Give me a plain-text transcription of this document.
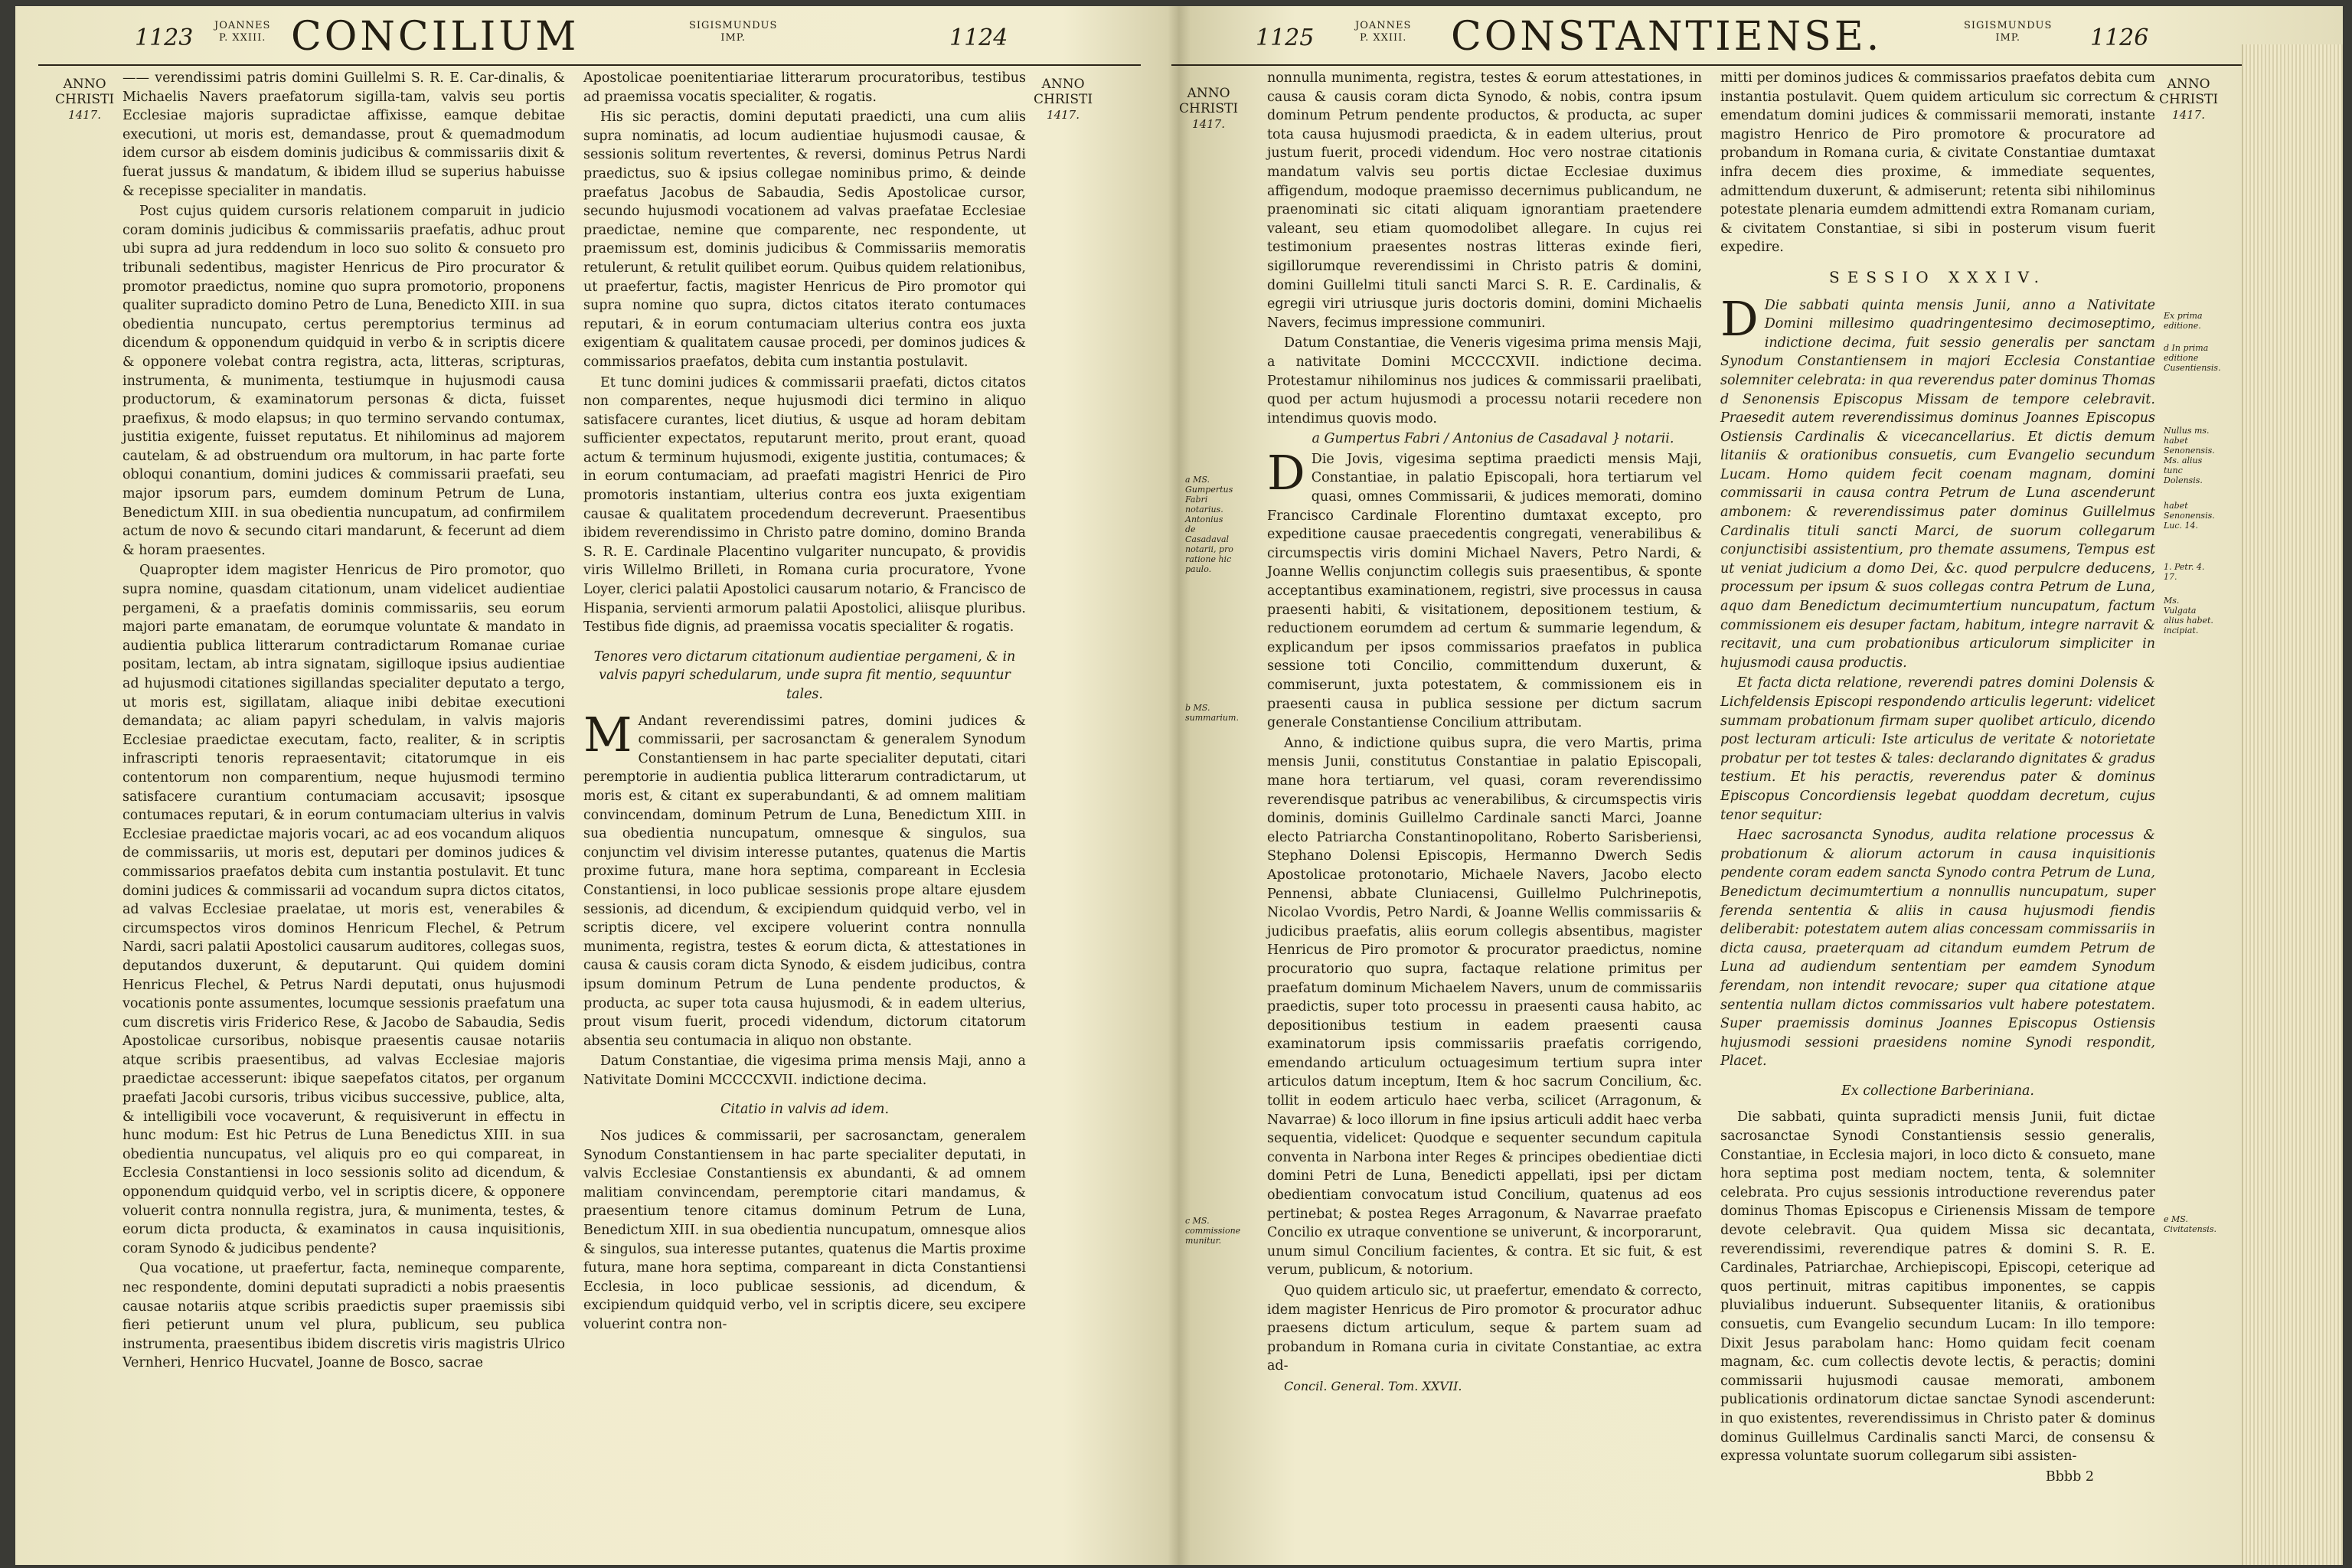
1123 JOANNES
P. XXIII. CONCILIUM	SIGISMUNDUS
IMP.	1124
ANNO
CHRISTI
1417.
ANNO
CHRISTI
1417.

—— verendissimi patris domini Guillelmi S. R. E. Car-dinalis, & Michaelis Navers praefatorum sigilla-tam, valvis seu portis Ecclesiae majoris supradictae affixisse, eamque debitae executioni, ut moris est, demandasse, prout & quemadmodum idem cursor ab eisdem dominis judicibus & commissariis dixit & fuerat jussus & mandatum, & ibidem illud se superius habuisse & recepisse specialiter in mandatis.

Post cujus quidem cursoris relationem comparuit in judicio coram dominis judicibus & commissariis praefatis, adhuc prout ubi supra ad jura reddendum in loco suo solito & consueto pro tribunali sedentibus, magister Henricus de Piro procurator & promotor praedictus, nomine quo supra promotorio, proponens qualiter supradicto domino Petro de Luna, Benedicto XIII. in sua obedientia nuncupato, certus peremptorius terminus ad dicendum & opponendum quidquid in verbo & in scriptis dicere & opponere volebat contra registra, acta, litteras, scripturas, instrumenta, & munimenta, testiumque in hujusmodi causa productorum, & examinatorum personas & dicta, fuisset praefixus, & modo elapsus; in quo termino servando contumax, justitia exigente, fuisset reputatus. Et nihilominus ad majorem cautelam, & ad obstruendum ora multorum, in hac parte forte obloqui conantium, domini judices & commissarii praefati, seu major ipsorum pars, eumdem dominum Petrum de Luna, Benedictum XIII. in sua obedientia nuncupatum, ad confirmilem actum de novo & secundo citari mandarunt, & fecerunt ad diem & horam praesentes.

Quapropter idem magister Henricus de Piro promotor, quo supra nomine, quasdam citationum, unam videlicet audientiae pergameni, & a praefatis dominis commissariis, seu eorum majori parte emanatam, de eorumque voluntate & mandato in audientia publica litterarum contradictarum Romanae curiae positam, lectam, ab intra signatam, sigilloque ipsius audientiae ad hujusmodi citationes sigillandas specialiter deputato a tergo, ut moris est, sigillatam, aliaque inibi debitae executioni demandata; ac aliam papyri schedulam, in valvis majoris Ecclesiae praedictae executam, facto, realiter, & in scriptis infrascripti tenoris repraesentavit; citatorumque in eis contentorum non comparentium, neque hujusmodi termino satisfacere curantium contumaciam accusavit; ipsosque contumaces reputari, & in eorum contumaciam ulterius in valvis Ecclesiae praedictae majoris vocari, ac ad eos vocandum aliquos de commissariis, ut moris est, deputari per dominos judices & commissarios praefatos debita cum instantia postulavit. Et tunc domini judices & commissarii ad vocandum supra dictos citatos, ad valvas Ecclesiae praelatae, ut moris est, venerabiles & circumspectos viros dominos Henricum Flechel, & Petrum Nardi, sacri palatii Apostolici causarum auditores, collegas suos, deputandos duxerunt, & deputarunt. Qui quidem domini Henricus Flechel, & Petrus Nardi deputati, onus hujusmodi vocationis ponte assumentes, locumque sessionis praefatum una cum discretis viris Friderico Rese, & Jacobo de Sabaudia, Sedis Apostolicae cursoribus, nobisque praesentis causae notariis atque scribis praesentibus, ad valvas Ecclesiae majoris praedictae accesserunt: ibique saepefatos citatos, per organum praefati Jacobi cursoris, tribus vicibus successive, publice, alta, & intelligibili voce vocaverunt, & requisiverunt in effectu in hunc modum: Est hic Petrus de Luna Benedictus XIII. in sua obedientia nuncupatus, vel aliquis pro eo qui compareat, in Ecclesia Constantiensi in loco sessionis solito ad dicendum, & opponendum quidquid verbo, vel in scriptis dicere, & opponere voluerit contra nonnulla registra, jura, & munimenta, testes, & eorum dicta producta, & examinatos in causa inquisitionis, coram Synodo & judicibus pendente?

Qua vocatione, ut praefertur, facta, nemineque comparente, nec respondente, domini deputati supradicti a nobis praesentis causae notariis atque scribis praedictis super praemissis sibi fieri petierunt unum vel plura, publicum, seu publica instrumenta, praesentibus ibidem discretis viris magistris Ulrico Vernheri, Henrico Hucvatel, Joanne de Bosco, sacrae

Apostolicae poenitentiariae litterarum procuratoribus, testibus ad praemissa vocatis specialiter, & rogatis.

His sic peractis, domini deputati praedicti, una cum aliis supra nominatis, ad locum audientiae hujusmodi causae, & sessionis solitum revertentes, & reversi, dominus Petrus Nardi praedictus, suo & ipsius collegae nominibus primo, & deinde praefatus Jacobus de Sabaudia, Sedis Apostolicae cursor, secundo hujusmodi vocationem ad valvas praefatae Ecclesiae praedictae, nemine que comparente, nec respondente, ut praemissum est, dominis judicibus & Commissariis memoratis retulerunt, & retulit quilibet eorum. Quibus quidem relationibus, ut praefertur, factis, magister Henricus de Piro promotor qui supra nomine quo supra, dictos citatos iterato contumaces reputari, & in eorum contumaciam ulterius contra eos juxta exigentiam & qualitatem causae procedi, per dominos judices & commissarios praefatos, debita cum instantia postulavit.

Et tunc domini judices & commissarii praefati, dictos citatos non comparentes, neque hujusmodi dici termino in aliquo satisfacere curantes, licet diutius, & usque ad horam debitam sufficienter expectatos, reputarunt merito, prout erant, quoad actum & terminum hujusmodi, exigente justitia, contumaces; & in eorum contumaciam, ad praefati magistri Henrici de Piro promotoris instantiam, ulterius contra eos juxta exigentiam causae & qualitatem procedendum decreverunt. Praesentibus ibidem reverendissimo in Christo patre domino, domino Branda S. R. E. Cardinale Placentino vulgariter nuncupato, & providis viris Willelmo Brilleti, in Romana curia procuratore, Yvone Loyer, clerici palatii Apostolici causarum notario, & Francisco de Hispania, servienti armorum palatii Apostolici, aliisque pluribus. Testibus fide dignis, ad praemissa vocatis specialiter & rogatis.

Tenores vero dictarum citationum audientiae pergameni, & in valvis papyri schedularum, unde supra fit mentio, sequuntur tales.

M Andant reverendissimi patres, domini judices & commissarii, per sacrosanctam & generalem Synodum Constantiensem in hac parte specialiter deputati, citari peremptorie in audientia publica litterarum contradictarum, ut moris est, & citant ex superabundanti, & ad omnem malitiam convincendam, dominum Petrum de Luna, Benedictum XIII. in sua obedientia nuncupatum, omnesque & singulos, sua conjunctim vel divisim interesse putantes, quatenus die Martis proxime futura, mane hora septima, compareant in Ecclesia Constantiensi, in loco publicae sessionis prope altare ejusdem sessionis, ad dicendum, & excipiendum quidquid verbo, vel in scriptis dicere, vel excipere voluerint contra nonnulla munimenta, registra, testes & eorum dicta, & attestationes in causa & causis coram dicta Synodo, & eisdem judicibus, contra ipsum dominum Petrum de Luna pendente productos, & producta, ac super tota causa hujusmodi, & in eadem ulterius, prout visum fuerit, procedi videndum, dictorum citatorum absentia seu contumacia in aliquo non obstante.

Datum Constantiae, die vigesima prima mensis Maji, anno a Nativitate Domini MCCCCXVII. indictione decima.

Citatio in valvis ad idem.

Nos judices & commissarii, per sacrosanctam, generalem Synodum Constantiensem in hac parte specialiter deputati, in valvis Ecclesiae Constantiensis ex abundanti, & ad omnem malitiam convincendam, peremptorie citari mandamus, & praesentium tenore citamus dominum Petrum de Luna, Benedictum XIII. in sua obedientia nuncupatum, omnesque alios & singulos, sua interesse putantes, quatenus die Martis proxime futura, mane hora septima, compareant in dicta Constantiensi Ecclesia, in loco publicae sessionis, ad dicendum, & excipiendum quidquid verbo, vel in scriptis dicere, seu excipere voluerint contra non-

1125	JOANNES
P. XXIII. CONSTANTIENSE.	SIGISMUNDUS
IMP.	1126
ANNO
CHRISTI
1417.
ANNO
CHRISTI
1417.
a MS. Gumpertus Fabri notarius. Antonius de Casadaval notarii, pro ratione hic paulo.
b MS. summarium.
c MS. commissione munitur.
Ex prima editione.
d In prima editione Cusentiensis.
Nullus ms. habet Senonensis. Ms. alius tunc Dolensis.
habet Senonensis. Luc. 14.
1. Petr. 4. 17.
Ms. Vulgata alius habet. incipiat.
e MS. Civitatensis.

nonnulla munimenta, registra, testes & eorum attestationes, in causa & causis coram dicta Synodo, & nobis, contra ipsum dominum Petrum pendente productos, & producta, ac super tota causa hujusmodi praedicta, & in eadem ulterius, prout justum fuerit, procedi videndum. Hoc vero nostrae citationis mandatum valvis seu portis dictae Ecclesiae duximus affigendum, modoque praemisso decernimus publicandum, ne praenominati sic citati aliquam ignorantiam praetendere valeant, seu etiam quomodolibet allegare. In cujus rei testimonium praesentes nostras litteras exinde fieri, sigillorumque reverendissimi in Christo patris & domini, domini Guillelmi tituli sancti Marci S. R. E. Cardinalis, & egregii viri utriusque juris doctoris domini, domini Michaelis Navers, fecimus impressione communiri.

Datum Constantiae, die Veneris vigesima prima mensis Maji, a nativitate Domini MCCCCXVII. indictione decima. Protestamur nihilominus nos judices & commissarii praelibati, quod per actum hujusmodi a processu notarii recedere non intendimus quovis modo.

a Gumpertus Fabri / Antonius de Casadaval } notarii.

D Die Jovis, vigesima septima praedicti mensis Maji, Constantiae, in palatio Episcopali, hora tertiarum vel quasi, omnes Commissarii, & judices memorati, domino Francisco Cardinale Florentino dumtaxat excepto, pro expeditione causae praecedentis congregati, venerabilibus & circumspectis viris domini Michael Navers, Petro Nardi, & Joanne Wellis conjunctim collegis suis praesentibus, & sponte acceptantibus examinationem, registri, sive processus in causa praesenti habiti, & visitationem, depositionem testium, & reductionem eorumdem ad certum & summarie legendum, & explicandum per ipsos commissarios praefatos in publica sessione toti Concilio, committendum duxerunt, & commiserunt, juxta potestatem, & commissionem eis in praesenti causa in publica sessione per dictum sacrum generale Constantiense Concilium attributam.

Anno, & indictione quibus supra, die vero Martis, prima mensis Junii, constitutus Constantiae in palatio Episcopali, mane hora tertiarum, vel quasi, coram reverendissimo reverendisque patribus ac venerabilibus, & circumspectis viris dominis, dominis Guillelmo Cardinale sancti Marci, Joanne electo Patriarcha Constantinopolitano, Roberto Sarisberiensi, Stephano Dolensi Episcopis, Hermanno Dwerch Sedis Apostolicae protonotario, Michaele Navers, Jacobo electo Pennensi, abbate Cluniacensi, Guillelmo Pulchrinepotis, Nicolao Vvordis, Petro Nardi, & Joanne Wellis commissariis & judicibus praefatis, aliis eorum collegis absentibus, magister Henricus de Piro promotor & procurator praedictus, nomine procuratorio quo supra, factaque relatione primitus per praefatum dominum Michaelem Navers, unum de commissariis praedictis, super toto processu in praesenti causa habito, ac depositionibus testium in eadem praesenti causa examinatorum ipsis commissariis praefatis corrigendo, emendando articulum octuagesimum tertium supra inter articulos datum inceptum, Item & hoc sacrum Concilium, &c. tollit in eodem articulo haec verba, scilicet (Arragonum, & Navarrae) & loco illorum in fine ipsius articuli addit haec verba sequentia, videlicet: Quodque e sequenter secundum capitula conventa in Narbona inter Reges & principes obedientiae dicti domini Petri de Luna, Benedicti appellati, ipsi per dictam obedientiam convocatum istud Concilium, quatenus ad eos pertinebat; & postea Reges Arragonum, & Navarrae praefato Concilio ex utraque conventione se univerunt, & incorporarunt, unum simul Concilium facientes, & contra. Et sic fuit, & est verum, publicum, & notorium.

Quo quidem articulo sic, ut praefertur, emendato & correcto, idem magister Henricus de Piro promotor & procurator adhuc praesens dictum articulum, seque & partem suam ad probandum in Romana curia in civitate Constantiae, ac extra ad-

Concil. General. Tom. XXVII.

mitti per dominos judices & commissarios praefatos debita cum instantia postulavit. Quem quidem articulum sic correctum & emendatum domini judices & commissarii memorati, instante magistro Henrico de Piro promotore & procuratore ad probandum in Romana curia, & civitate Constantiae dumtaxat infra decem dies proxime, & immediate sequentes, admittendum duxerunt, & admiserunt; retenta sibi nihilominus potestate plenaria eumdem admittendi extra Romanam curiam, & civitatem Constantiae, si sibi in posterum visum fuerit expedire.

SESSIO XXXIV.

D Die sabbati quinta mensis Junii, anno a Nativitate Domini millesimo quadringentesimo decimoseptimo, indictione decima, fuit sessio generalis per sanctam Synodum Constantiensem in majori Ecclesia Constantiae solemniter celebrata: in qua reverendus pater dominus Thomas d Senonensis Episcopus Missam de tempore celebravit. Praesedit autem reverendissimus dominus Joannes Episcopus Ostiensis Cardinalis & vicecancellarius. Et dictis demum litaniis & orationibus consuetis, cum Evangelio secundum Lucam. Homo quidem fecit coenam magnam, domini commissarii in causa contra Petrum de Luna ascenderunt ambonem: & reverendissimus pater dominus Guillelmus Cardinalis tituli sancti Marci, de suorum collegarum conjunctisibi assistentium, pro themate assumens, Tempus est ut veniat judicium a domo Dei, &c. quod perpulcre deducens, processum per ipsum & suos collegas contra Petrum de Luna, aquo dam Benedictum decimumtertium nuncupatum, factum commissionem eis desuper factam, habitum, integre narravit & recitavit, una cum probationibus articulorum simpliciter in hujusmodi causa productis.

Et facta dicta relatione, reverendi patres domini Dolensis & Lichfeldensis Episcopi respondendo articulis legerunt: videlicet summam probationum firmam super quolibet articulo, dicendo post lecturam articuli: Iste articulus de veritate & notorietate probatur per tot testes & tales: declarando dignitates & gradus testium. Et his peractis, reverendus pater & dominus Episcopus Concordiensis legebat quoddam decretum, cujus tenor sequitur:

Haec sacrosancta Synodus, audita relatione processus & probationum & aliorum actorum in causa inquisitionis pendente coram eadem sancta Synodo contra Petrum de Luna, Benedictum decimumtertium a nonnullis nuncupatum, super ferenda sententia & aliis in causa hujusmodi fiendis deliberabit: potestatem autem alias concessam commissariis in dicta causa, praeterquam ad citandum eumdem Petrum de Luna ad audiendum sententiam per eamdem Synodum ferendam, non intendit revocare; super qua citatione atque sententia nullam dictos commissarios vult habere potestatem. Super praemissis dominus Joannes Episcopus Ostiensis hujusmodi sessioni praesidens nomine Synodi respondit, Placet.

Ex collectione Barberiniana.

Die sabbati, quinta supradicti mensis Junii, fuit dictae sacrosanctae Synodi Constantiensis sessio generalis, Constantiae, in Ecclesia majori, in loco dicto & consueto, mane hora septima post mediam noctem, tenta, & solemniter celebrata. Pro cujus sessionis introductione reverendus pater dominus Thomas Episcopus e Cirienensis Missam de tempore devote celebravit. Qua quidem Missa sic decantata, reverendissimi, reverendique patres & domini S. R. E. Cardinales, Patriarchae, Archiepiscopi, Episcopi, ceterique ad quos pertinuit, mitras capitibus imponentes, se cappis pluvialibus induerunt. Subsequenter litaniis, & orationibus consuetis, cum Evangelio secundum Lucam: In illo tempore: Dixit Jesus parabolam hanc: Homo quidam fecit coenam magnam, &c. cum collectis devote lectis, & peractis; domini commissarii hujusmodi causae memorati, ambonem publicationis ordinatorum dictae sanctae Synodi ascenderunt: in quo existentes, reverendissimus in Christo pater & dominus dominus Guillelmus Cardinalis sancti Marci, de consensu & expressa voluntate suorum collegarum sibi assisten-

Bbbb 2
